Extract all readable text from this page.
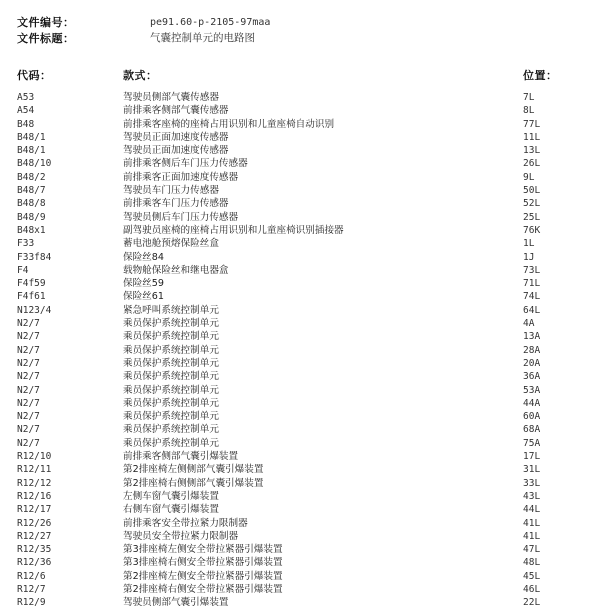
文件编号：	pe91.60-p-2105-97maa
文件标题：	气囊控制单元的电路图
代码：	款式：	位置：
A53	驾驶员侧部气囊传感器	7L
A54	前排乘客侧部气囊传感器	8L
B48	前排乘客座椅的座椅占用识别和儿童座椅自动识别	77L
B48/1	驾驶员正面加速度传感器	11L
B48/1	驾驶员正面加速度传感器	13L
B48/10	前排乘客侧后车门压力传感器	26L
B48/2	前排乘客正面加速度传感器	9L
B48/7	驾驶员车门压力传感器	50L
B48/8	前排乘客车门压力传感器	52L
B48/9	驾驶员侧后车门压力传感器	25L
B48x1	副驾驶员座椅的座椅占用识别和儿童座椅识别插接器	76K
F33	蓄电池舱预熔保险丝盒	1L
F33f84	保险丝84	1J
F4	载物舱保险丝和继电器盒	73L
F4f59	保险丝59	71L
F4f61	保险丝61	74L
N123/4	紧急呼叫系统控制单元	64L
N2/7	乘员保护系统控制单元	4A
N2/7	乘员保护系统控制单元	13A
N2/7	乘员保护系统控制单元	28A
N2/7	乘员保护系统控制单元	20A
N2/7	乘员保护系统控制单元	36A
N2/7	乘员保护系统控制单元	53A
N2/7	乘员保护系统控制单元	44A
N2/7	乘员保护系统控制单元	60A
N2/7	乘员保护系统控制单元	68A
N2/7	乘员保护系统控制单元	75A
R12/10	前排乘客侧部气囊引爆装置	17L
R12/11	第2排座椅左侧侧部气囊引爆装置	31L
R12/12	第2排座椅右侧侧部气囊引爆装置	33L
R12/16	左侧车窗气囊引爆装置	43L
R12/17	右侧车窗气囊引爆装置	44L
R12/26	前排乘客安全带拉紧力限制器	41L
R12/27	驾驶员安全带拉紧力限制器	41L
R12/35	第3排座椅左侧安全带拉紧器引爆装置	47L
R12/36	第3排座椅右侧安全带拉紧器引爆装置	48L
R12/6	第2排座椅左侧安全带拉紧器引爆装置	45L
R12/7	第2排座椅右侧安全带拉紧器引爆装置	46L
R12/9	驾驶员侧部气囊引爆装置	22L
